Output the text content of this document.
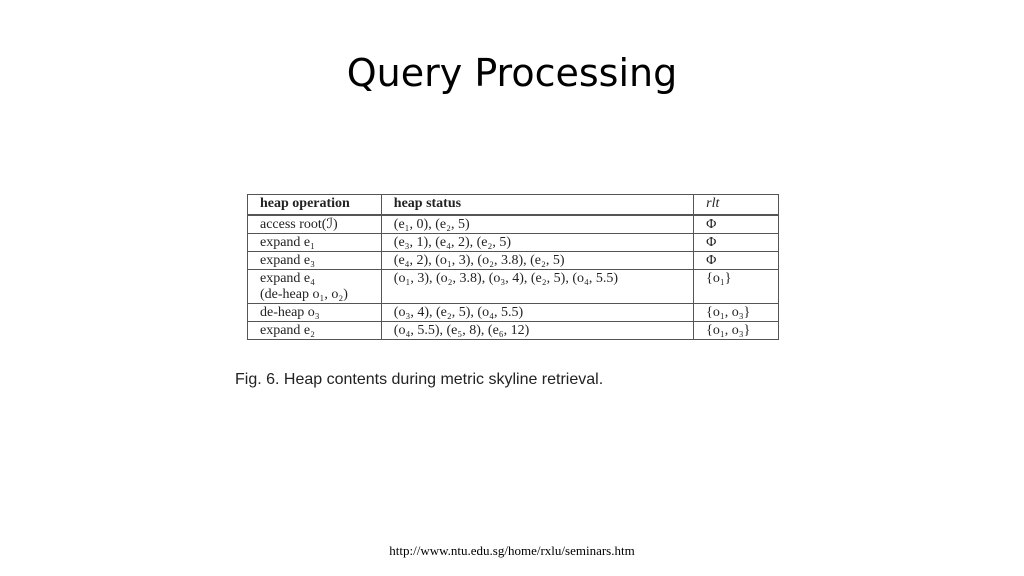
Query Processing
heap operation	heap status	rlt
access root(ℐ)	(e₁, 0), (e₂, 5)	Φ
expand e₁	(e₃, 1), (e₄, 2), (e₂, 5)	Φ
expand e₃	(e₄, 2), (o₁, 3), (o₂, 3.8), (e₂, 5)	Φ
expand e₄
(de-heap o₁, o₂)	(o₁, 3), (o₂, 3.8), (o₃, 4), (e₂, 5), (o₄, 5.5)	{o₁}
de-heap o₃	(o₃, 4), (e₂, 5), (o₄, 5.5)	{o₁, o₃}
expand e₂	(o₄, 5.5), (e₅, 8), (e₆, 12)	{o₁, o₃}

Fig. 6. Heap contents during metric skyline retrieval.

http://www.ntu.edu.sg/home/rxlu/seminars.htm
